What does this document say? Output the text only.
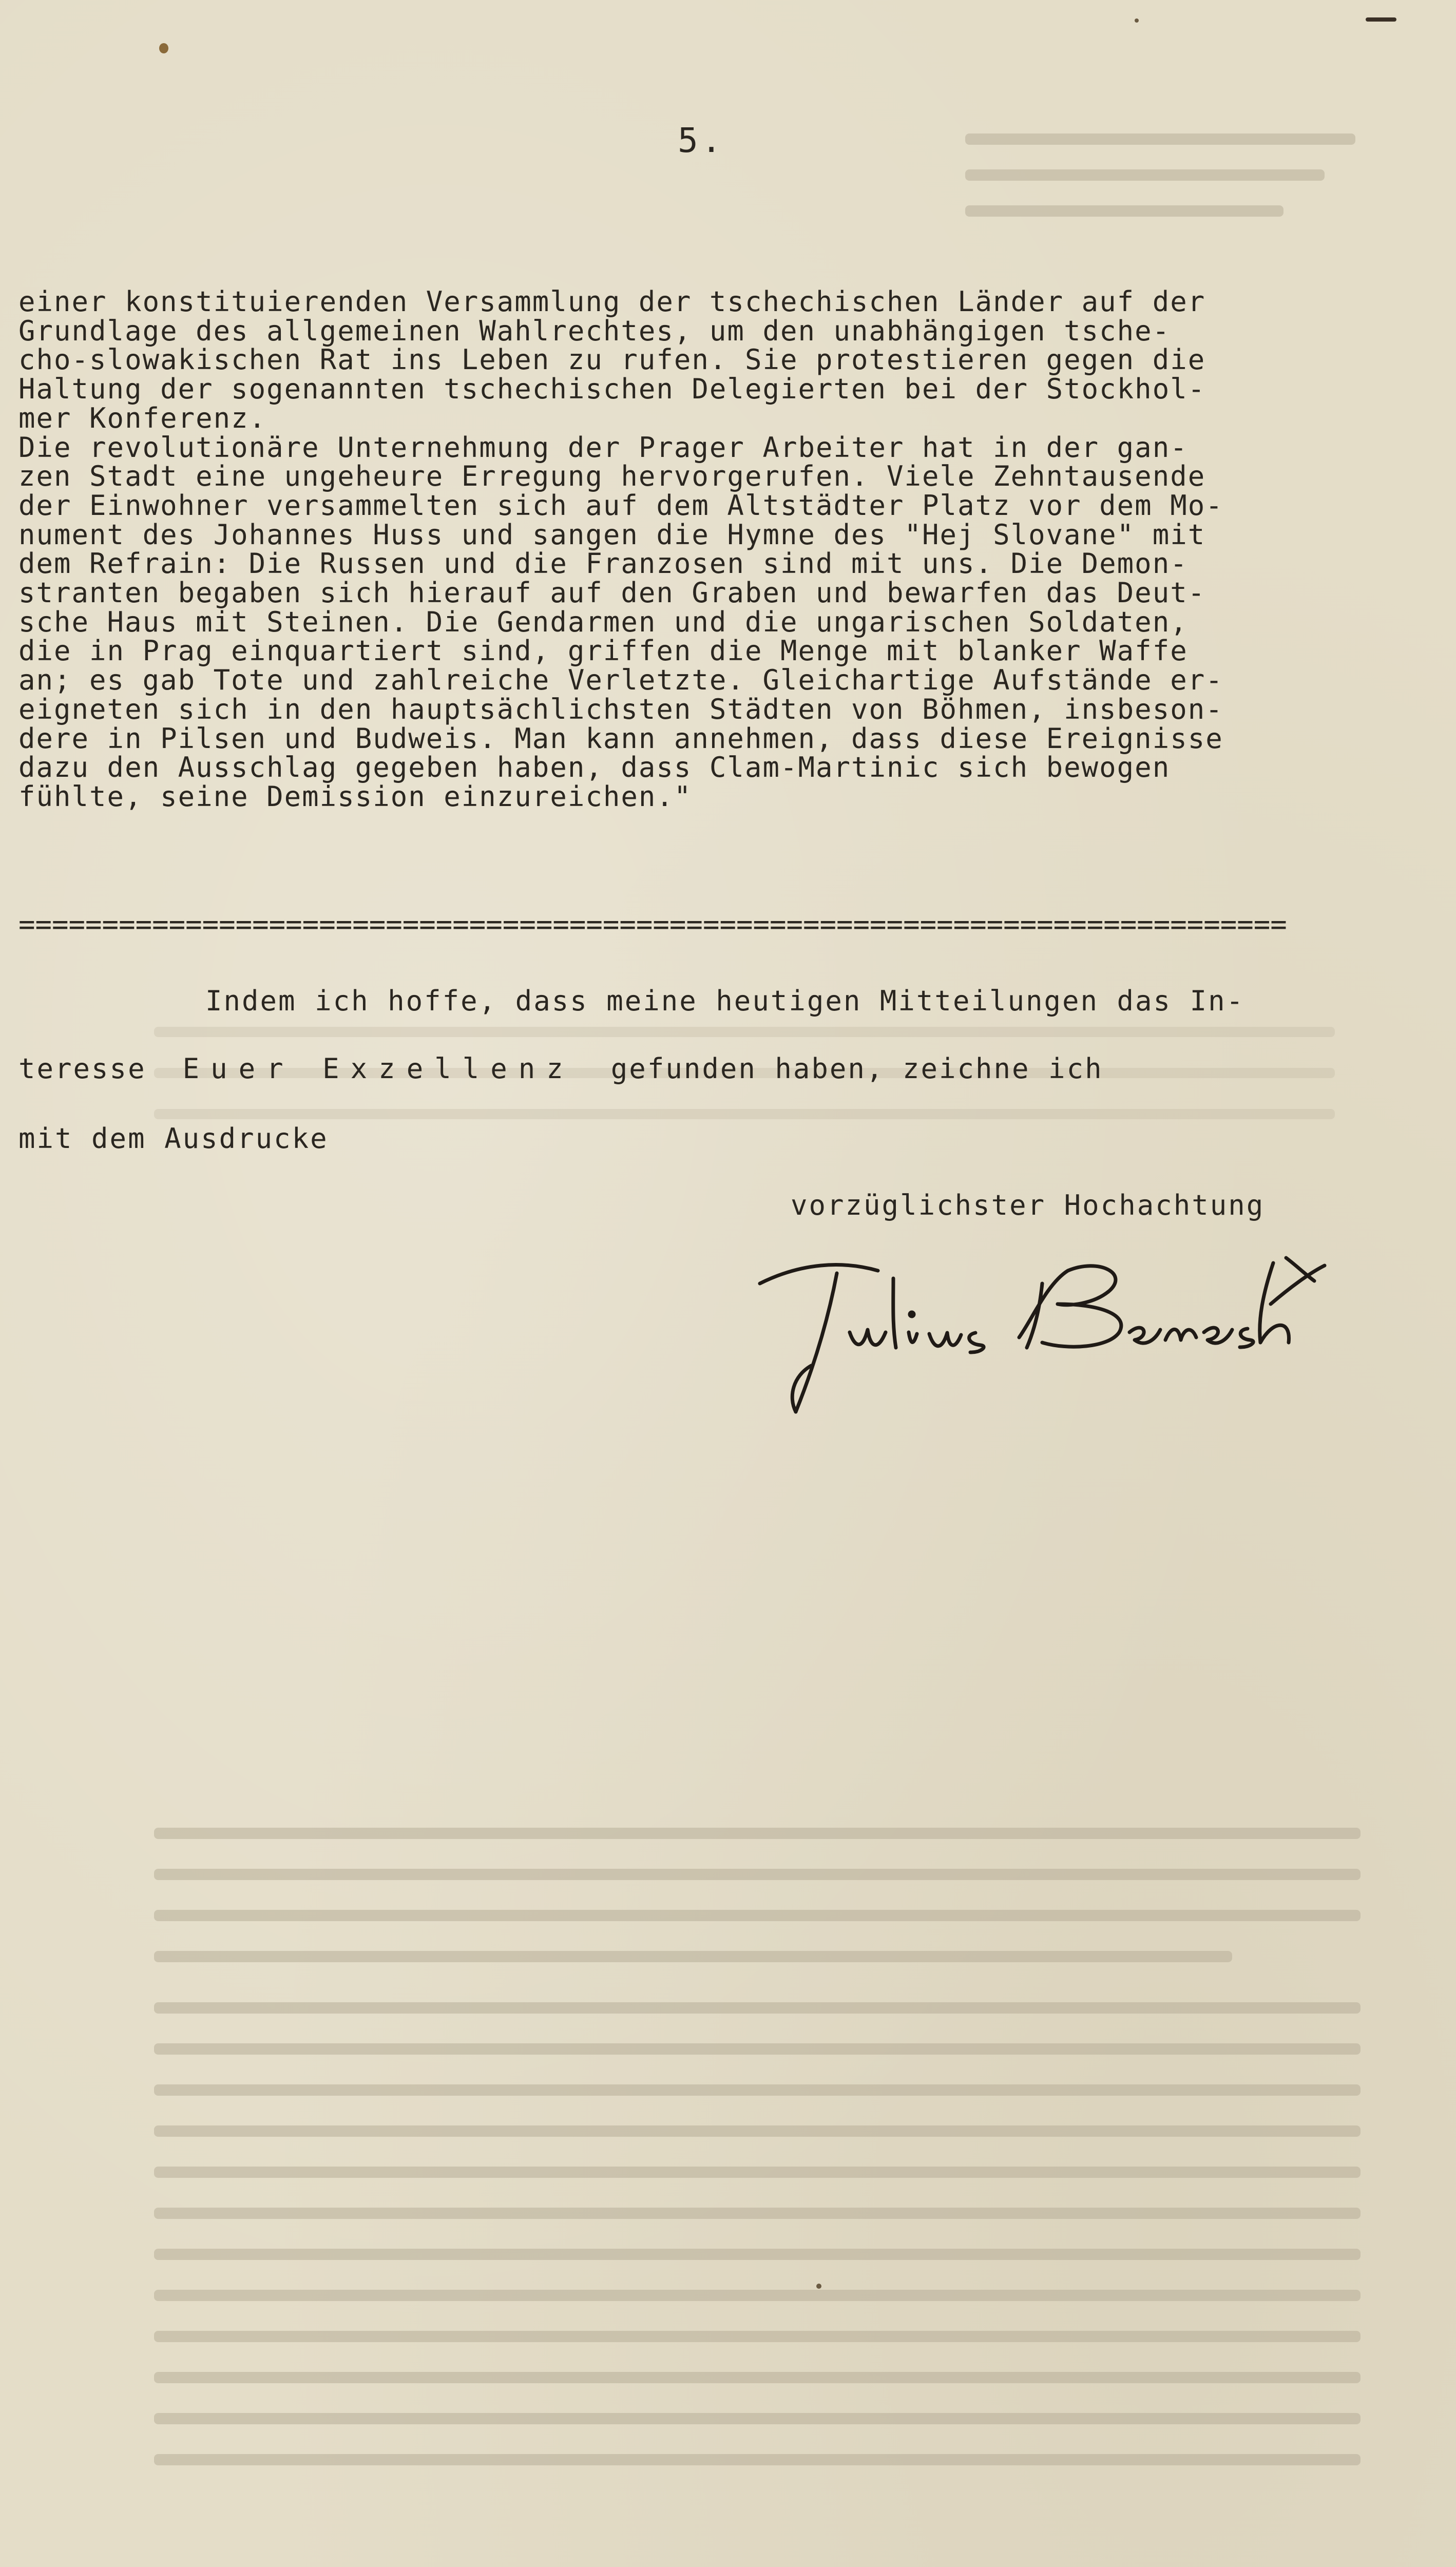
5.

einer konstituierenden Versammlung der tschechischen Länder auf der
Grundlage des allgemeinen Wahlrechtes, um den unabhängigen tsche-
cho-slowakischen Rat ins Leben zu rufen. Sie protestieren gegen die
Haltung der sogenannten tschechischen Delegierten bei der Stockhol-
mer Konferenz.
Die revolutionäre Unternehmung der Prager Arbeiter hat in der gan-
zen Stadt eine ungeheure Erregung hervorgerufen. Viele Zehntausende
der Einwohner versammelten sich auf dem Altstädter Platz vor dem Mo-
nument des Johannes Huss und sangen die Hymne des "Hej Slovane" mit
dem Refrain: Die Russen und die Franzosen sind mit uns. Die Demon-
stranten begaben sich hierauf auf den Graben und bewarfen das Deut-
sche Haus mit Steinen. Die Gendarmen und die ungarischen Soldaten,
die in Prag einquartiert sind, griffen die Menge mit blanker Waffe
an; es gab Tote und zahlreiche Verletzte. Gleichartige Aufstände er-
eigneten sich in den hauptsächlichsten Städten von Böhmen, insbeson-
dere in Pilsen und Budweis. Man kann annehmen, dass diese Ereignisse
dazu den Ausschlag gegeben haben, dass Clam-Martinic sich bewogen
fühlte, seine Demission einzureichen."

============================================================================

Indem ich hoffe, dass meine heutigen Mitteilungen das In-

teresse Euer Exzellenz gefunden haben, zeichne ich

mit dem Ausdrucke

vorzüglichster Hochachtung
